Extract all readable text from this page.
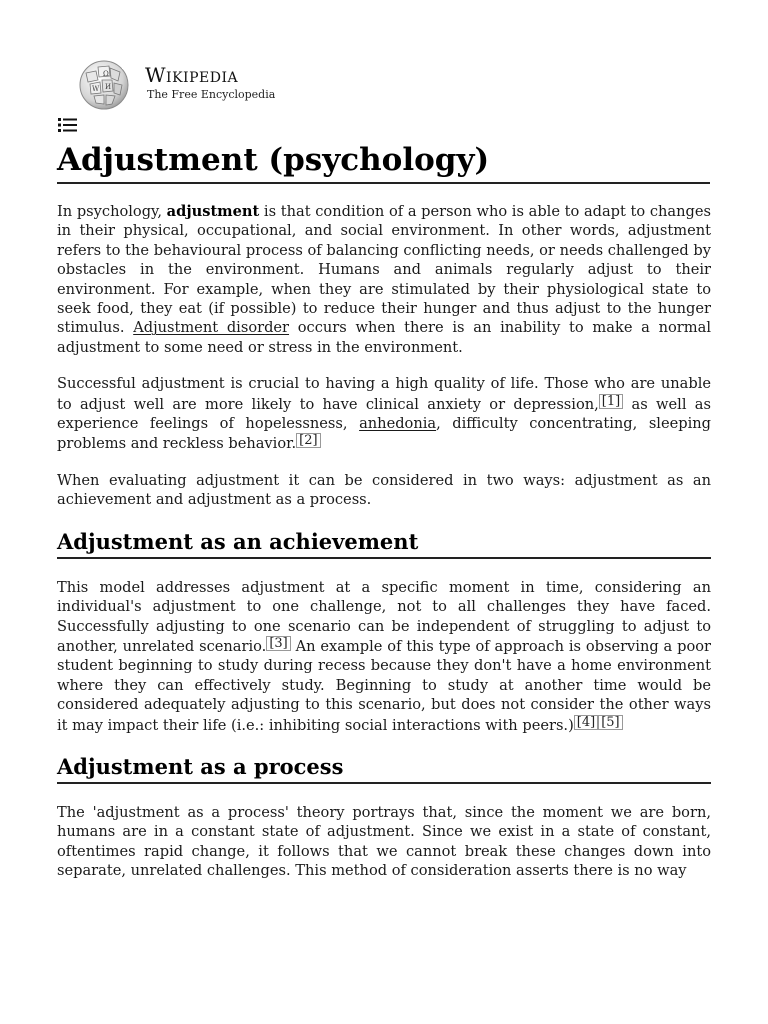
Ω
W И Wikipedia
The Free Encyclopedia
Adjustment (psychology)

In psychology, adjustment is that condition of a person who is able to adapt to changes in their physical, occupational, and social environment. In other words, adjustment refers to the behavioural process of balancing conflicting needs, or needs challenged by obstacles in the environment. Humans and animals regularly adjust to their environment. For example, when they are stimulated by their physiological state to seek food, they eat (if possible) to reduce their hunger and thus adjust to the hunger stimulus. Adjustment disorder occurs when there is an inability to make a normal adjustment to some need or stress in the environment.

Successful adjustment is crucial to having a high quality of life. Those who are unable to adjust well are more likely to have clinical anxiety or depression, [1] as well as experience feelings of hopelessness, anhedonia, difficulty concentrating, sleeping problems and reckless behavior. [2]

When evaluating adjustment it can be considered in two ways: adjustment as an achievement and adjustment as a process.

Adjustment as an achievement

This model addresses adjustment at a specific moment in time, considering an individual's adjustment to one challenge, not to all challenges they have faced. Successfully adjusting to one scenario can be independent of struggling to adjust to another, unrelated scenario. [3] An example of this type of approach is observing a poor student beginning to study during recess because they don't have a home environment where they can effectively study. Beginning to study at another time would be considered adequately adjusting to this scenario, but does not consider the other ways it may impact their life (i.e.: inhibiting social interactions with peers.) [4] [5]

Adjustment as a process

The 'adjustment as a process' theory portrays that, since the moment we are born, humans are in a constant state of adjustment. Since we exist in a state of constant, oftentimes rapid change, it follows that we cannot break these changes down into separate, unrelated challenges. This method of consideration asserts there is no way
